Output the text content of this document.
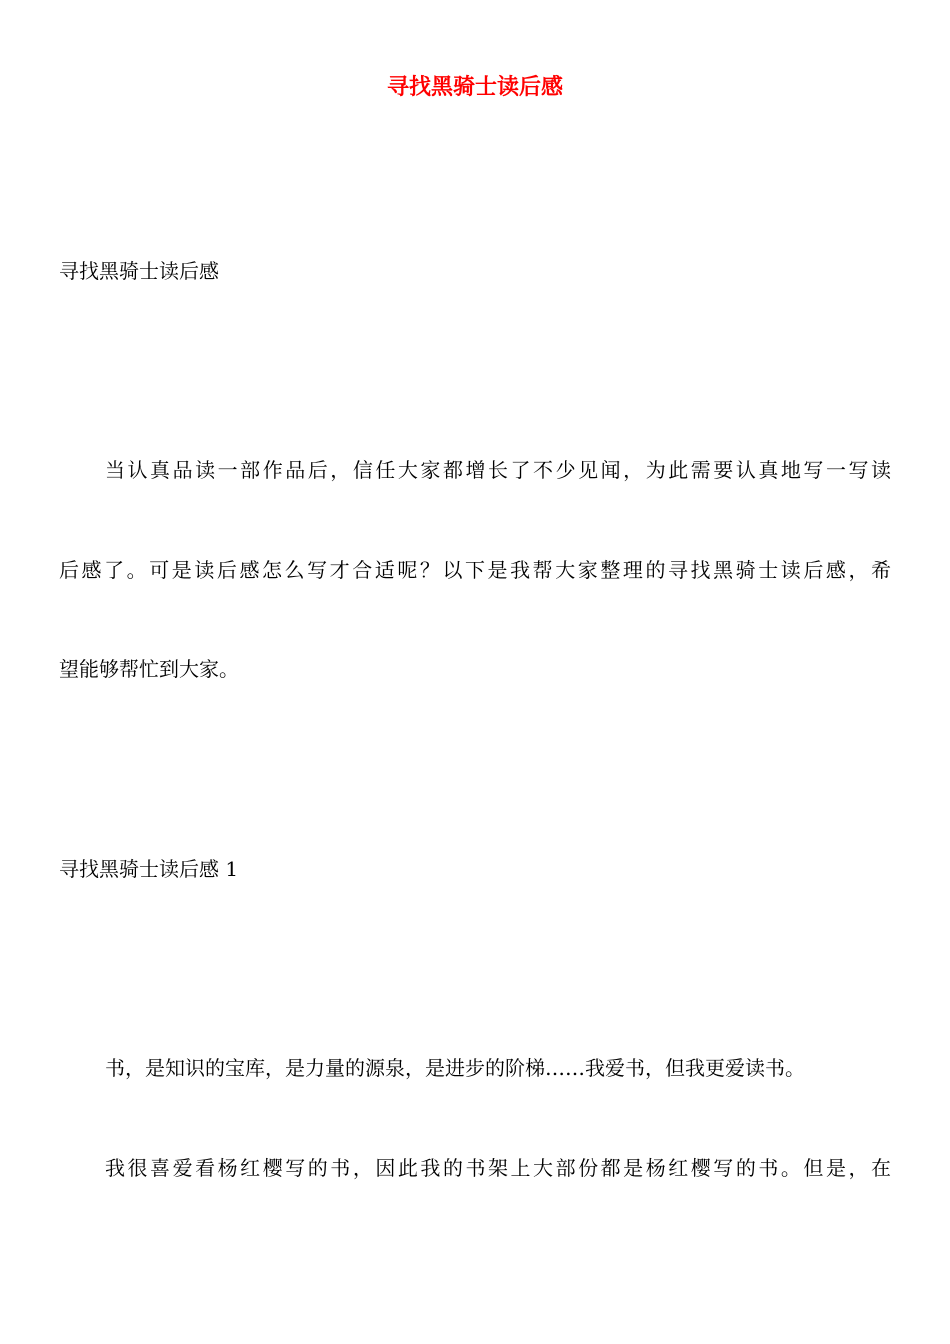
寻找黑骑士读后感

寻找黑骑士读后感

当认真品读一部作品后，信任大家都增长了不少见闻，为此需要认真地写一写读

后感了。可是读后感怎么写才合适呢？以下是我帮大家整理的寻找黑骑士读后感，希

望能够帮忙到大家。

寻找黑骑士读后感 1

书，是知识的宝库，是力量的源泉，是进步的阶梯……我爱书，但我更爱读书。

我很喜爱看杨红樱写的书，因此我的书架上大部份都是杨红樱写的书。但是，在
